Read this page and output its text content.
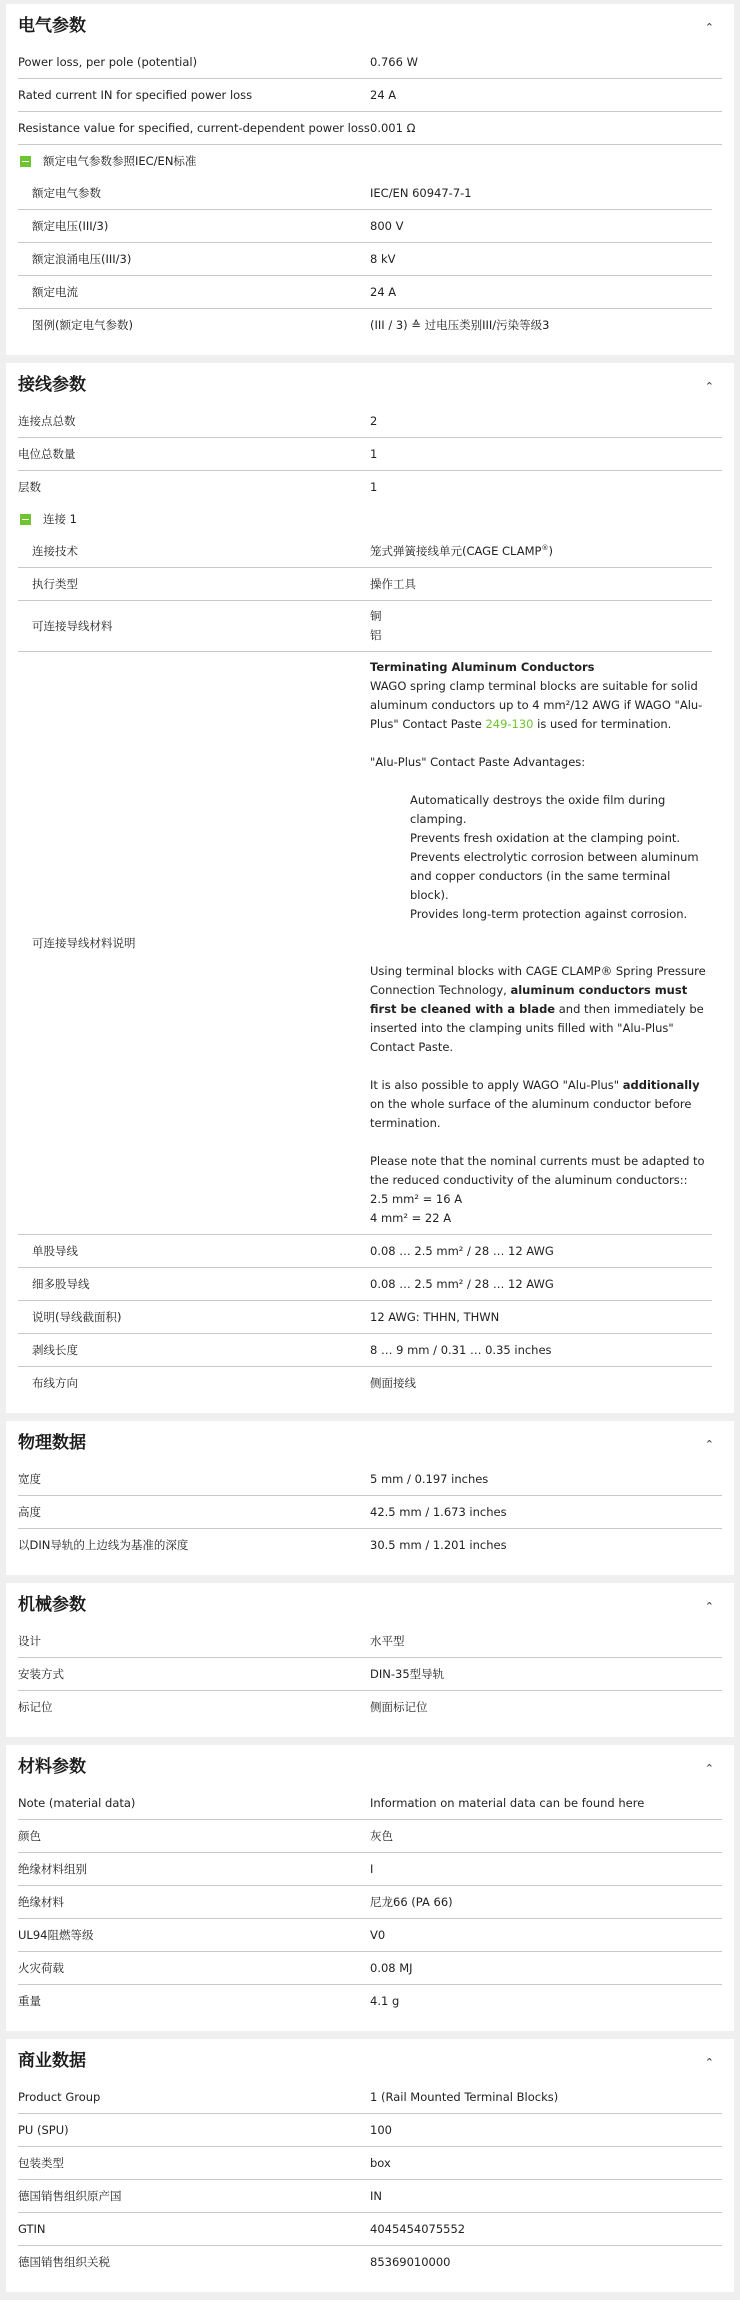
电气参数	⌃
Power loss, per pole (potential)	0.766 W
Rated current IN for specified power loss	24 A
Resistance value for specified, current-dependent power loss 0.001 Ω
额定电气参数参照IEC/EN标准
额定电气参数	IEC/EN 60947-7-1
额定电压(III/3)	800 V
额定浪涌电压(III/3)	8 kV
额定电流	24 A
图例(额定电气参数)	(III / 3) ≙ 过电压类别III/污染等级3
接线参数	⌃
连接点总数	2
电位总数量	1
层数	1
连接 1
连接技术	笼式弹簧接线单元(CAGE CLAMP®)
执行类型	操作工具
可连接导线材料
铜
铝
可连接导线材料说明

Terminating Aluminum Conductors

WAGO spring clamp terminal blocks are suitable for solid aluminum conductors up to 4 mm²/12 AWG if WAGO "Alu-Plus" Contact Paste 249-130 is used for termination.

"Alu-Plus" Contact Paste Advantages:

Automatically destroys the oxide film during clamping.
Prevents fresh oxidation at the clamping point.
Prevents electrolytic corrosion between aluminum and copper conductors (in the same terminal block).
Provides long-term protection against corrosion.

Using terminal blocks with CAGE CLAMP® Spring Pressure Connection Technology, aluminum conductors must first be cleaned with a blade and then immediately be inserted into the clamping units filled with "Alu-Plus" Contact Paste.

It is also possible to apply WAGO "Alu-Plus" additionally on the whole surface of the aluminum conductor before termination.

Please note that the nominal currents must be adapted to the reduced conductivity of the aluminum conductors::

2.5 mm² = 16 A

4 mm² = 22 A

单股导线	0.08 … 2.5 mm² / 28 … 12 AWG
细多股导线	0.08 … 2.5 mm² / 28 … 12 AWG
说明(导线截面积)	12 AWG: THHN, THWN
剥线长度	8 … 9 mm / 0.31 … 0.35 inches
布线方向	侧面接线
物理数据	⌃
宽度	5 mm / 0.197 inches
高度	42.5 mm / 1.673 inches
以DIN导轨的上边线为基准的深度	30.5 mm / 1.201 inches
机械参数	⌃
设计	水平型
安装方式	DIN-35型导轨
标记位	侧面标记位
材料参数	⌃
Note (material data)	Information on material data can be found here
颜色	灰色
绝缘材料组别	I
绝缘材料	尼龙66 (PA 66)
UL94阻燃等级	V0
火灾荷载	0.08 MJ
重量	4.1 g
商业数据	⌃
Product Group	1 (Rail Mounted Terminal Blocks)
PU (SPU)	100
包装类型	box
德国销售组织原产国	IN
GTIN	4045454075552
德国销售组织关税	85369010000
